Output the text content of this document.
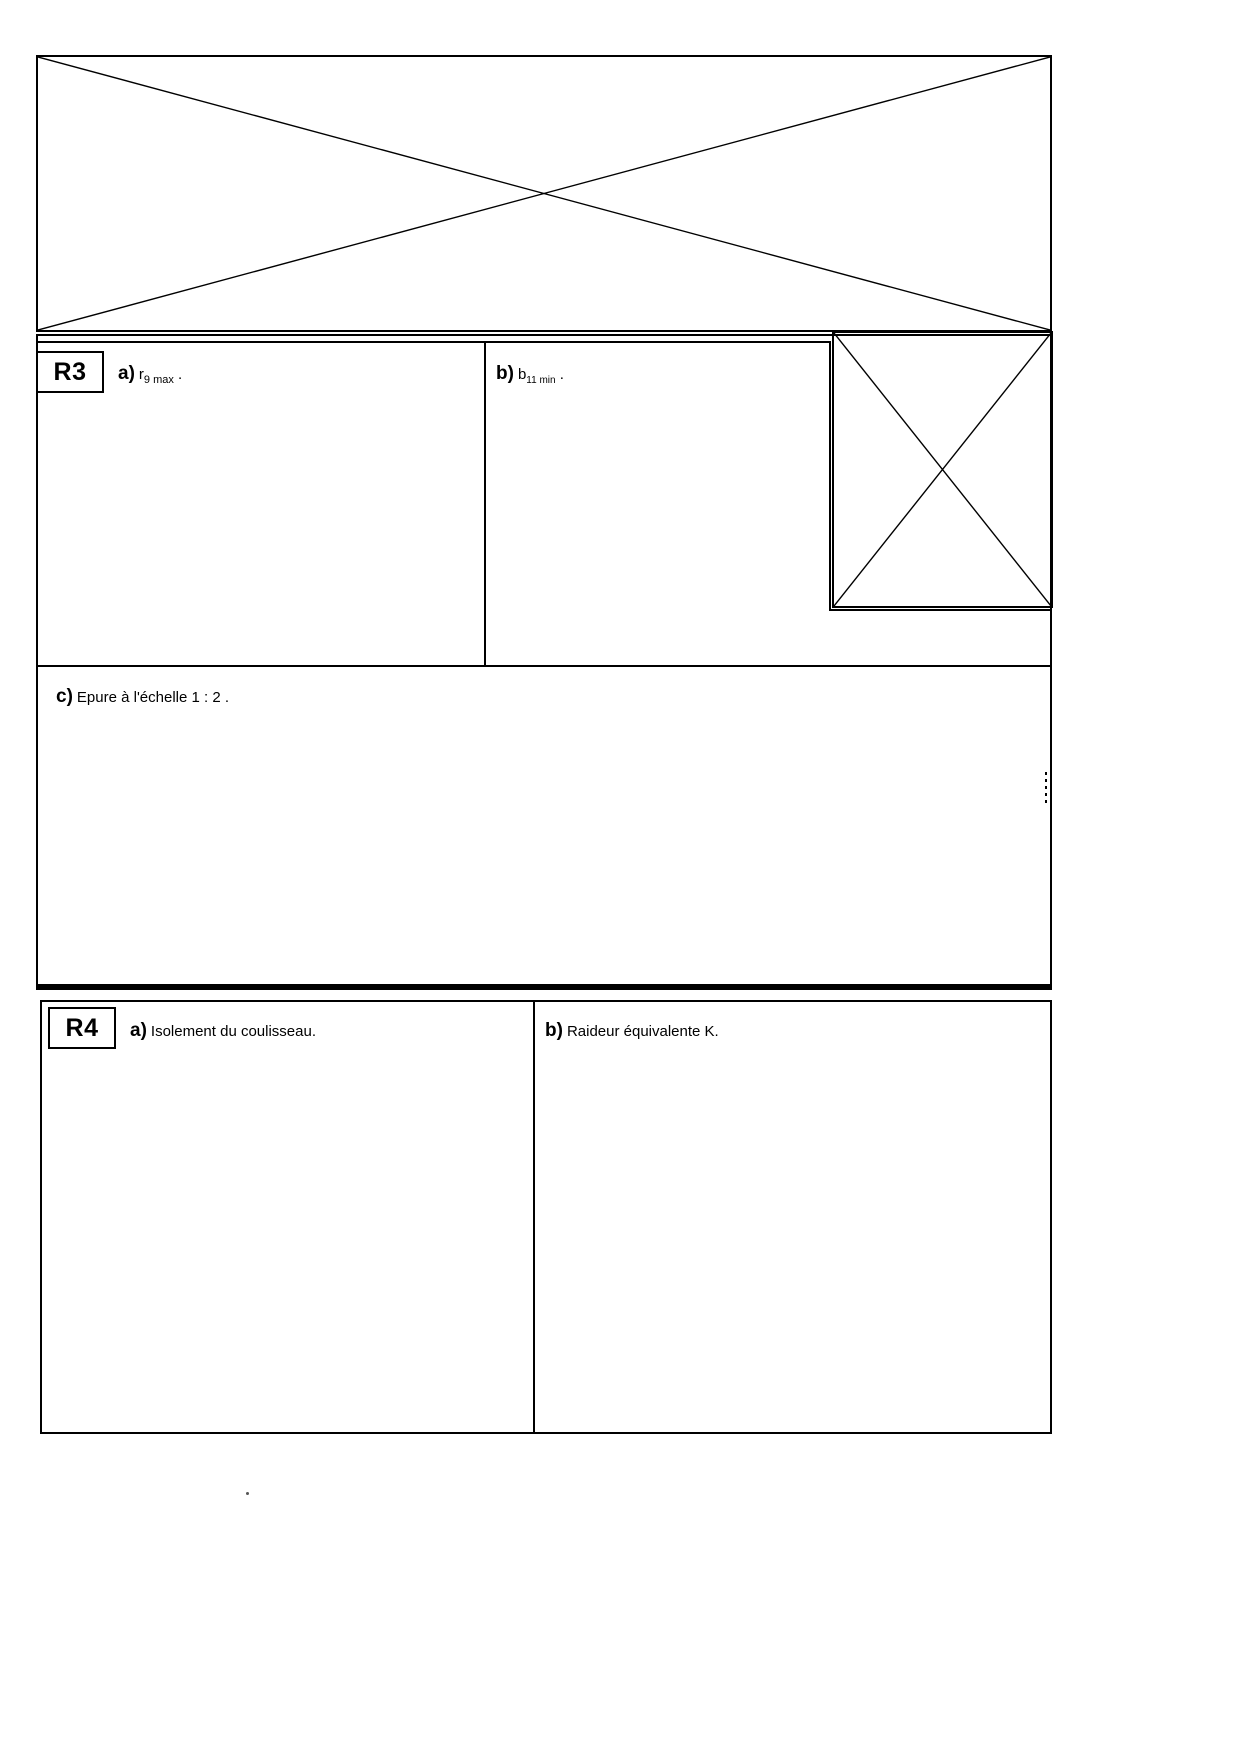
R3	a) $r_{9 max}$ .	b) $b_{11 min}$ .
c) Epure à l'échelle 1 : 2 .
R4	a) Isolement du coulisseau.	b) Raideur équivalente K.
